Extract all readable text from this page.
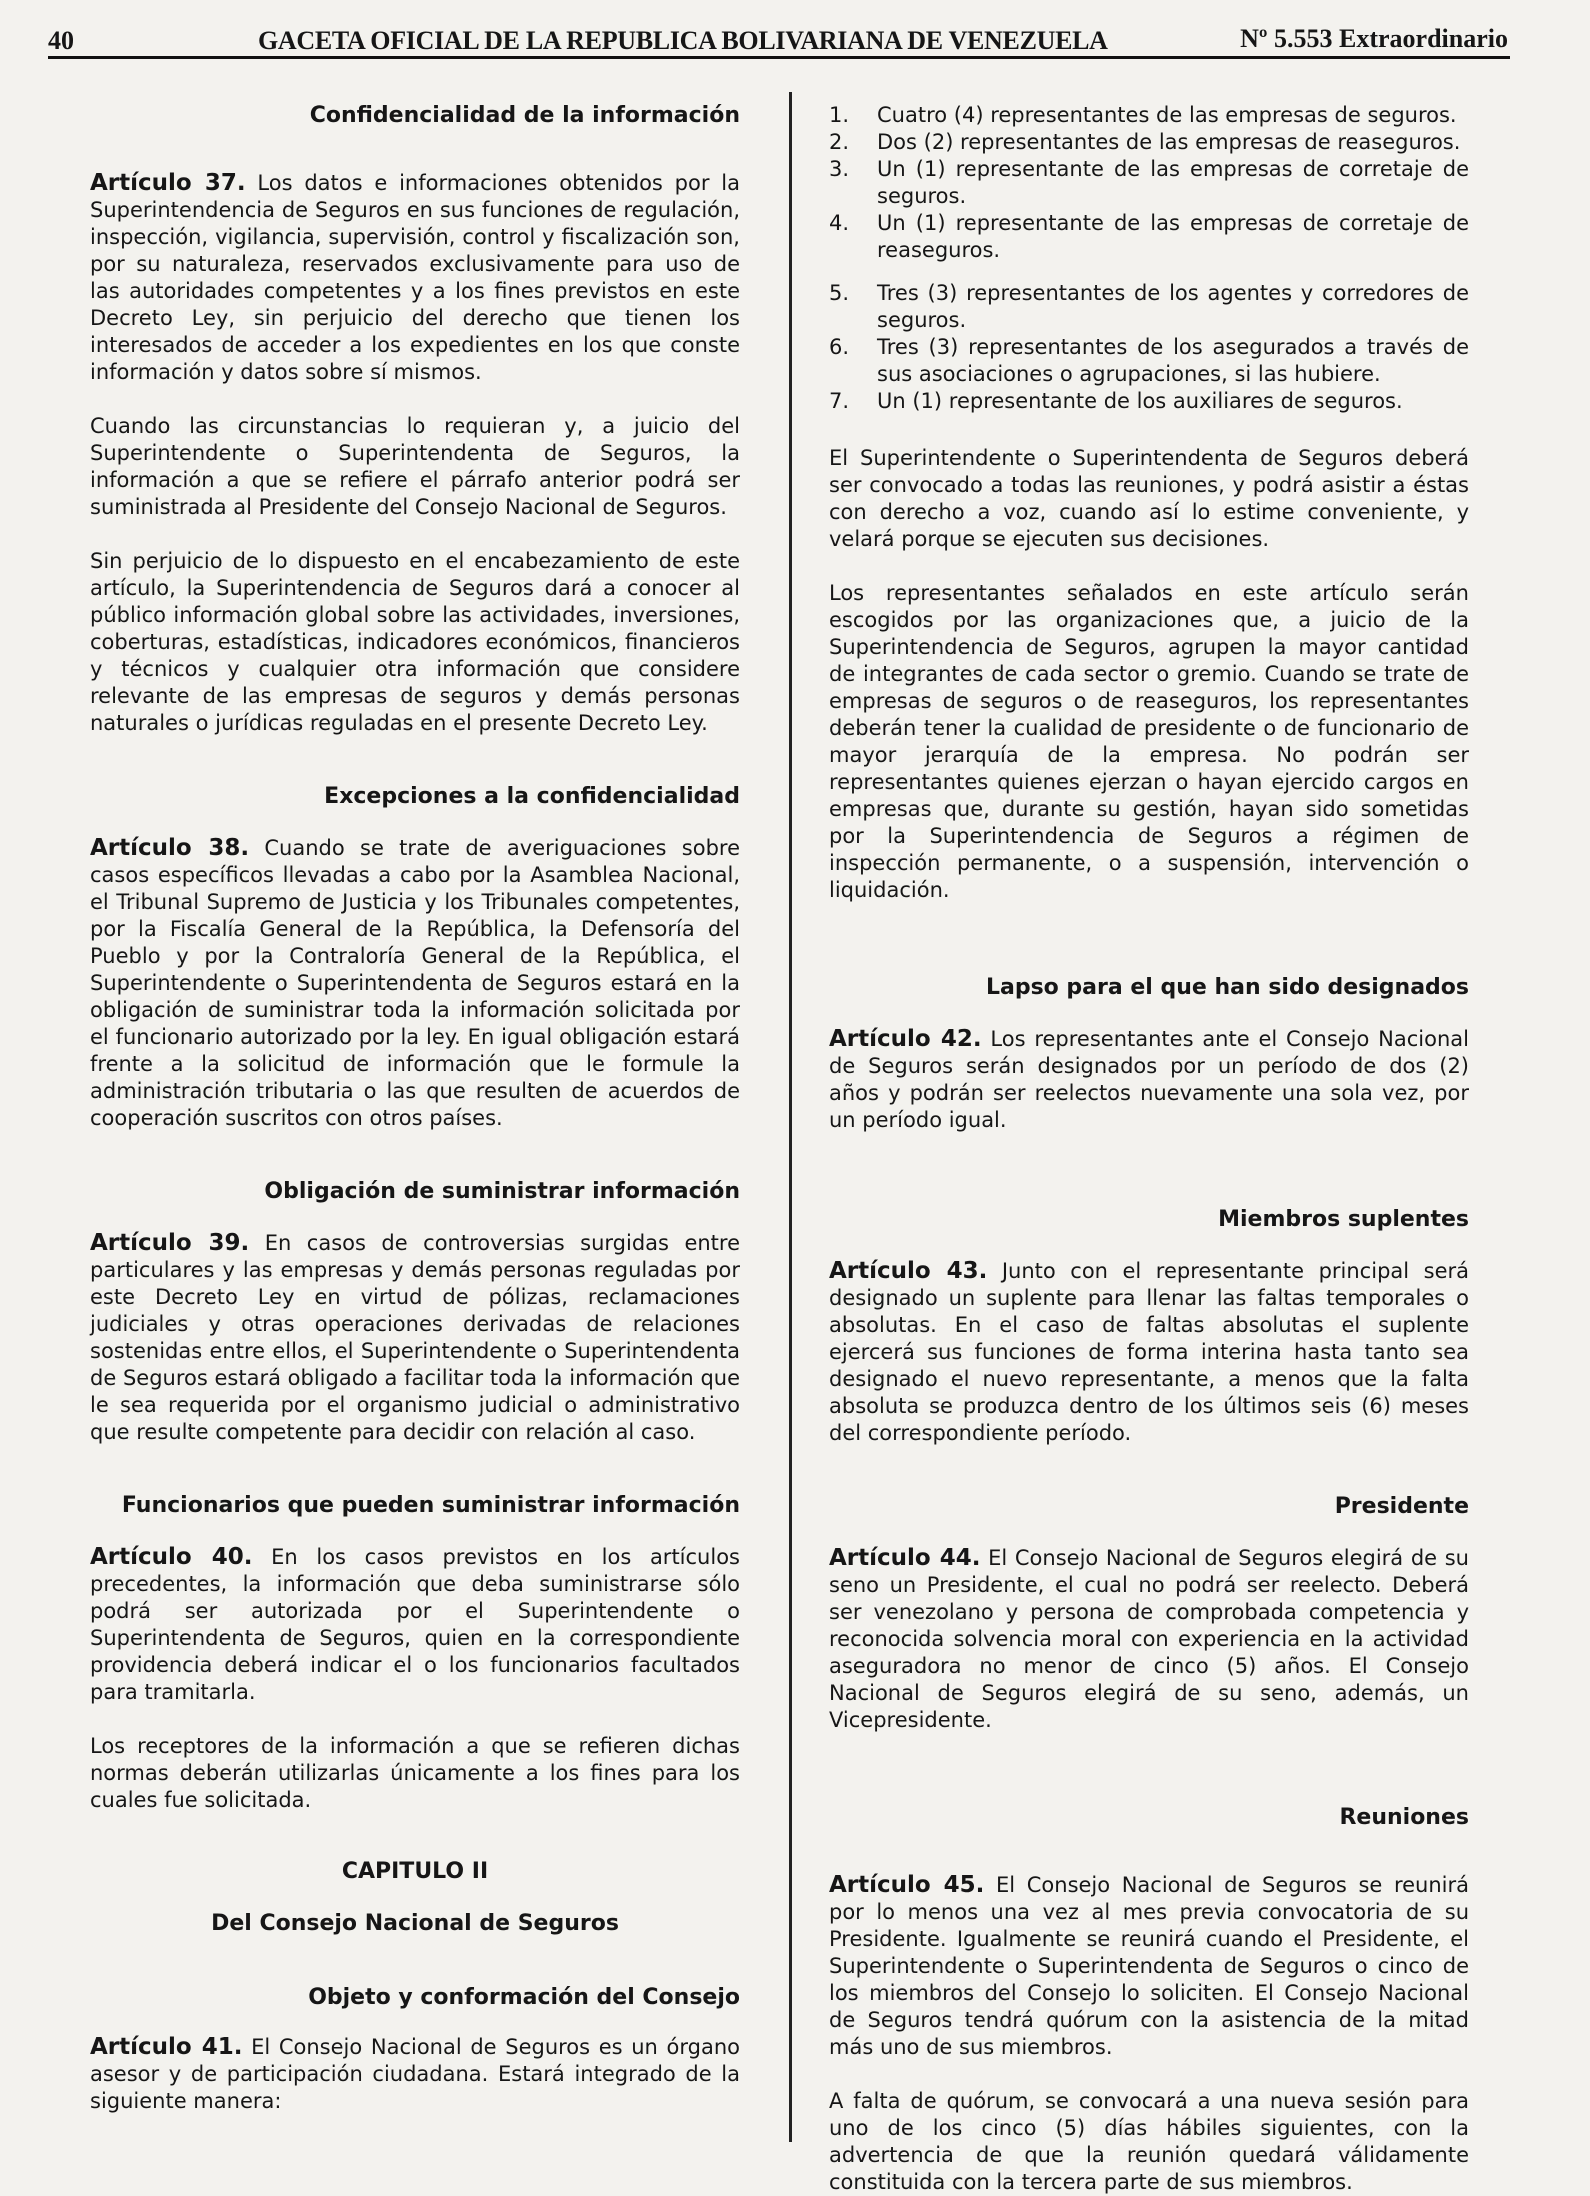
40	GACETA OFICIAL DE LA REPUBLICA BOLIVARIANA DE VENEZUELA	Nº 5.553 Extraordinario
Confidencialidad de la información

Artículo 37. Los datos e informaciones obtenidos por la Superintendencia de Seguros en sus funciones de regulación, inspección, vigilancia, supervisión, control y fiscalización son, por su naturaleza, reservados exclusivamente para uso de las autoridades competentes y a los fines previstos en este Decreto Ley, sin perjuicio del derecho que tienen los interesados de acceder a los expedientes en los que conste información y datos sobre sí mismos.

Cuando las circunstancias lo requieran y, a juicio del Superintendente o Superintendenta de Seguros, la información a que se refiere el párrafo anterior podrá ser suministrada al Presidente del Consejo Nacional de Seguros.

Sin perjuicio de lo dispuesto en el encabezamiento de este artículo, la Superintendencia de Seguros dará a conocer al público información global sobre las actividades, inversiones, coberturas, estadísticas, indicadores económicos, financieros y técnicos y cualquier otra información que considere relevante de las empresas de seguros y demás personas naturales o jurídicas reguladas en el presente Decreto Ley.

Excepciones a la confidencialidad

Artículo 38. Cuando se trate de averiguaciones sobre casos específicos llevadas a cabo por la Asamblea Nacional, el Tribunal Supremo de Justicia y los Tribunales competentes, por la Fiscalía General de la República, la Defensoría del Pueblo y por la Contraloría General de la República, el Superintendente o Superintendenta de Seguros estará en la obligación de suministrar toda la información solicitada por el funcionario autorizado por la ley. En igual obligación estará frente a la solicitud de información que le formule la administración tributaria o las que resulten de acuerdos de cooperación suscritos con otros países.

Obligación de suministrar información

Artículo 39. En casos de controversias surgidas entre particulares y las empresas y demás personas reguladas por este Decreto Ley en virtud de pólizas, reclamaciones judiciales y otras operaciones derivadas de relaciones sostenidas entre ellos, el Superintendente o Superintendenta de Seguros estará obligado a facilitar toda la información que le sea requerida por el organismo judicial o administrativo que resulte competente para decidir con relación al caso.

Funcionarios que pueden suministrar información

Artículo 40. En los casos previstos en los artículos precedentes, la información que deba suministrarse sólo podrá ser autorizada por el Superintendente o Superintendenta de Seguros, quien en la correspondiente providencia deberá indicar el o los funcionarios facultados para tramitarla.

Los receptores de la información a que se refieren dichas normas deberán utilizarlas únicamente a los fines para los cuales fue solicitada.

CAPITULO II
Del Consejo Nacional de Seguros
Objeto y conformación del Consejo

Artículo 41. El Consejo Nacional de Seguros es un órgano asesor y de participación ciudadana. Estará integrado de la siguiente manera:

1.	Cuatro (4) representantes de las empresas de seguros.
2.	Dos (2) representantes de las empresas de reaseguros.
3.	Un (1) representante de las empresas de corretaje de seguros.
4.	Un (1) representante de las empresas de corretaje de reaseguros.
5.	Tres (3) representantes de los agentes y corredores de seguros.
6.	Tres (3) representantes de los asegurados a través de sus asociaciones o agrupaciones, si las hubiere.
7.	Un (1) representante de los auxiliares de seguros.

El Superintendente o Superintendenta de Seguros deberá ser convocado a todas las reuniones, y podrá asistir a éstas con derecho a voz, cuando así lo estime conveniente, y velará porque se ejecuten sus decisiones.

Los representantes señalados en este artículo serán escogidos por las organizaciones que, a juicio de la Superintendencia de Seguros, agrupen la mayor cantidad de integrantes de cada sector o gremio. Cuando se trate de empresas de seguros o de reaseguros, los representantes deberán tener la cualidad de presidente o de funcionario de mayor jerarquía de la empresa. No podrán ser representantes quienes ejerzan o hayan ejercido cargos en empresas que, durante su gestión, hayan sido sometidas por la Superintendencia de Seguros a régimen de inspección permanente, o a suspensión, intervención o liquidación.

Lapso para el que han sido designados

Artículo 42. Los representantes ante el Consejo Nacional de Seguros serán designados por un período de dos (2) años y podrán ser reelectos nuevamente una sola vez, por un período igual.

Miembros suplentes

Artículo 43. Junto con el representante principal será designado un suplente para llenar las faltas temporales o absolutas. En el caso de faltas absolutas el suplente ejercerá sus funciones de forma interina hasta tanto sea designado el nuevo representante, a menos que la falta absoluta se produzca dentro de los últimos seis (6) meses del correspondiente período.

Presidente

Artículo 44. El Consejo Nacional de Seguros elegirá de su seno un Presidente, el cual no podrá ser reelecto. Deberá ser venezolano y persona de comprobada competencia y reconocida solvencia moral con experiencia en la actividad aseguradora no menor de cinco (5) años. El Consejo Nacional de Seguros elegirá de su seno, además, un Vicepresidente.

Reuniones

Artículo 45. El Consejo Nacional de Seguros se reunirá por lo menos una vez al mes previa convocatoria de su Presidente. Igualmente se reunirá cuando el Presidente, el Superintendente o Superintendenta de Seguros o cinco de los miembros del Consejo lo soliciten. El Consejo Nacional de Seguros tendrá quórum con la asistencia de la mitad más uno de sus miembros.

A falta de quórum, se convocará a una nueva sesión para uno de los cinco (5) días hábiles siguientes, con la advertencia de que la reunión quedará válidamente constituida con la tercera parte de sus miembros.
